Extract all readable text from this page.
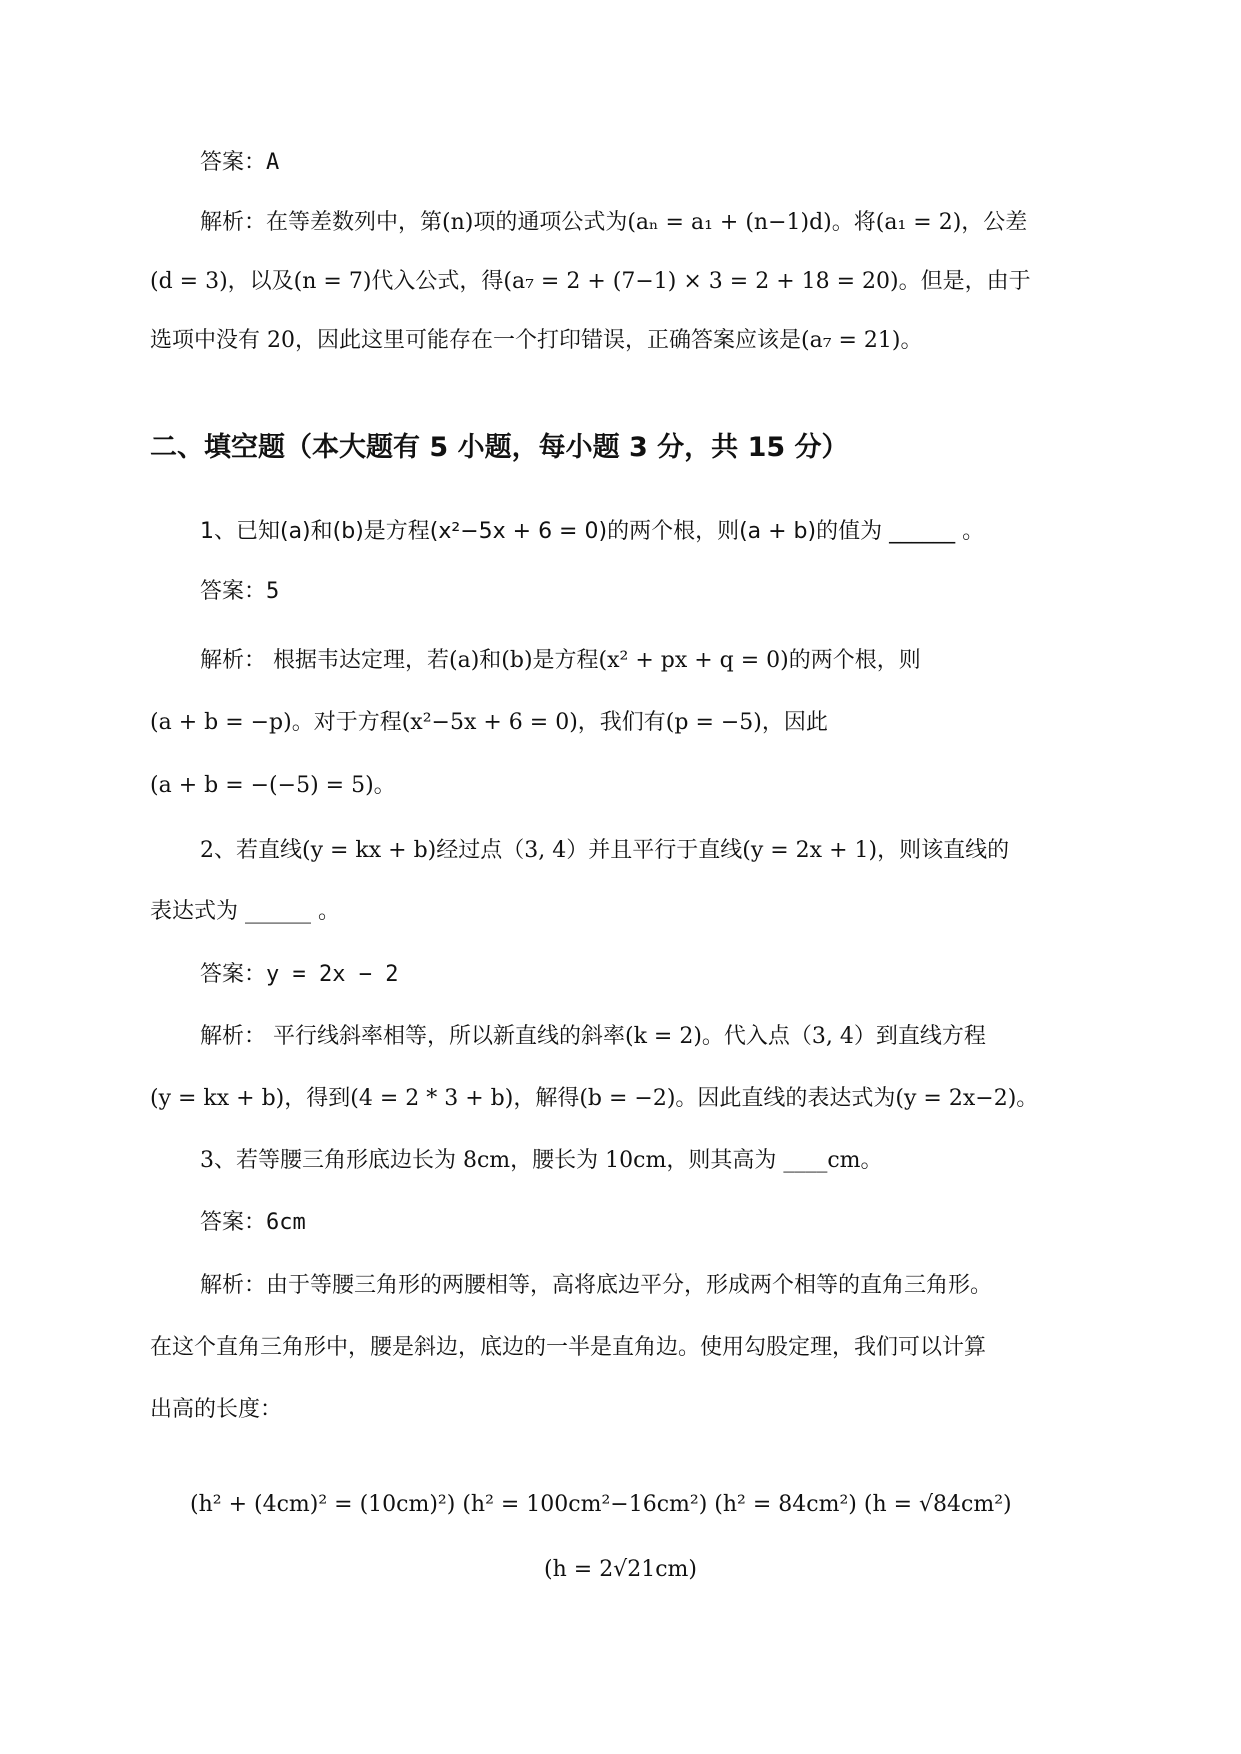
答案：A
解析：在等差数列中，第(n)项的通项公式为(aₙ = a₁ + (n−1)d)。将(a₁ = 2)，公差
(d = 3)，以及(n = 7)代入公式，得(a₇ = 2 + (7−1) × 3 = 2 + 18 = 20)。但是，由于
选项中没有 20，因此这里可能存在一个打印错误，正确答案应该是(a₇ = 21)。
二、填空题（本大题有 5 小题，每小题 3 分，共 15 分）
1、已知(a)和(b)是方程(x²−5x + 6 = 0)的两个根，则(a + b)的值为 ______ 。
答案：5
解析： 根据韦达定理，若(a)和(b)是方程(x² + px + q = 0)的两个根，则
(a + b = −p)。对于方程(x²−5x + 6 = 0)，我们有(p = −5)，因此
(a + b = −(−5) = 5)。
2、若直线(y = kx + b)经过点（3, 4）并且平行于直线(y = 2x + 1)，则该直线的
表达式为 ______ 。
答案：y = 2x − 2
解析： 平行线斜率相等，所以新直线的斜率(k = 2)。代入点（3, 4）到直线方程
(y = kx + b)，得到(4 = 2 * 3 + b)，解得(b = −2)。因此直线的表达式为(y = 2x−2)。
3、若等腰三角形底边长为 8cm，腰长为 10cm，则其高为 ____cm。
答案：6cm
解析：由于等腰三角形的两腰相等，高将底边平分，形成两个相等的直角三角形。
在这个直角三角形中，腰是斜边，底边的一半是直角边。使用勾股定理，我们可以计算
出高的长度：
(h² + (4cm)² = (10cm)²) (h² = 100cm²−16cm²) (h² = 84cm²) (h = √84cm²)
(h = 2√21cm)
